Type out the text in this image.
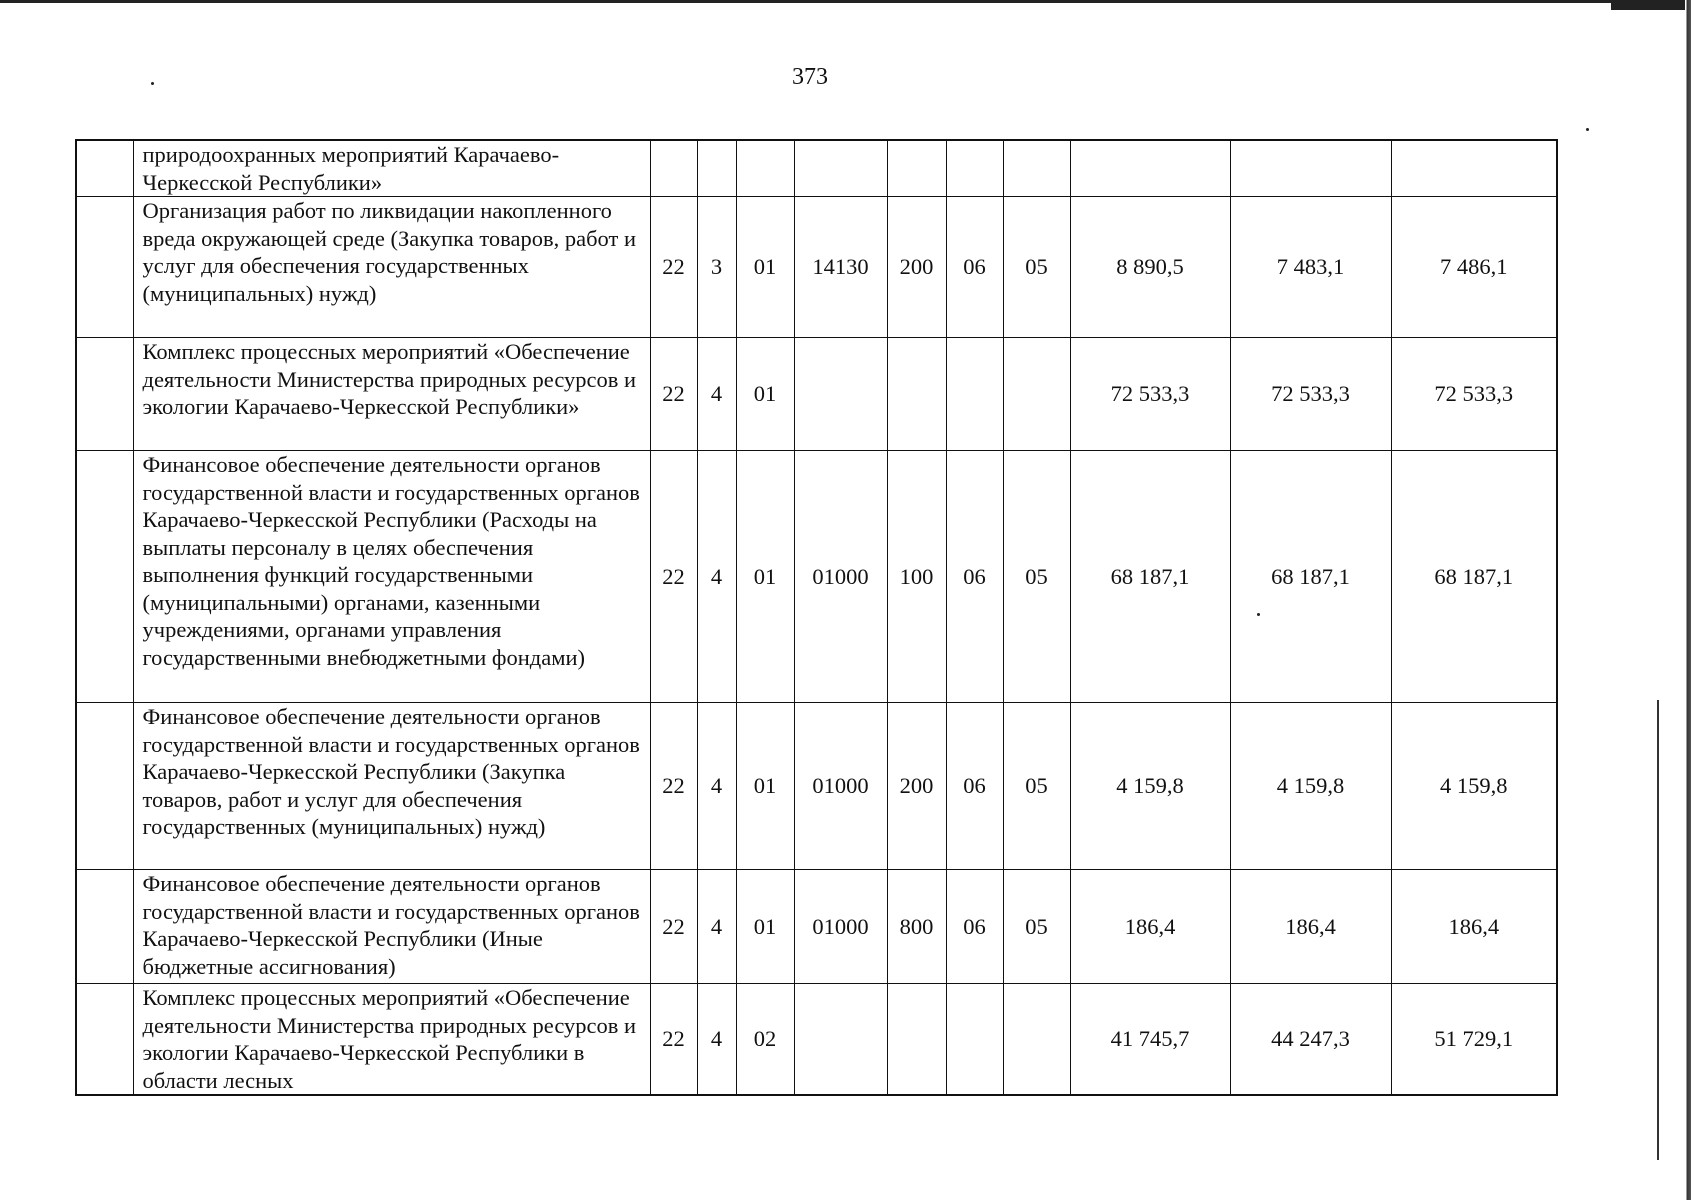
373
	природоохранных мероприятий Карачаево-Черкесской Республики»										
	Организация работ по ликвидации накопленного вреда окружающей среде (Закупка товаров, работ и услуг для обеспечения государственных (муниципальных) нужд)	22	3	01	14130	200	06	05	8 890,5	7 483,1	7 486,1
	Комплекс процессных мероприятий «Обеспечение деятельности Министерства природных ресурсов и экологии Карачаево-Черкесской Республики»	22	4	01					72 533,3	72 533,3	72 533,3
	Финансовое обеспечение деятельности органов государственной власти и государственных органов Карачаево-Черкесской Республики (Расходы на выплаты персоналу в целях обеспечения выполнения функций государственными (муниципальными) органами, казенными учреждениями, органами управления государственными внебюджетными фондами)	22	4	01	01000	100	06	05	68 187,1	68 187,1	68 187,1
	Финансовое обеспечение деятельности органов государственной власти и государственных органов Карачаево-Черкесской Республики (Закупка товаров, работ и услуг для обеспечения государственных (муниципальных) нужд)	22	4	01	01000	200	06	05	4 159,8	4 159,8	4 159,8
	Финансовое обеспечение деятельности органов государственной власти и государственных органов Карачаево-Черкесской Республики (Иные бюджетные ассигнования)	22	4	01	01000	800	06	05	186,4	186,4	186,4
	Комплекс процессных мероприятий «Обеспечение деятельности Министерства природных ресурсов и экологии Карачаево-Черкесской Республики в области лесных	22	4	02					41 745,7	44 247,3	51 729,1
